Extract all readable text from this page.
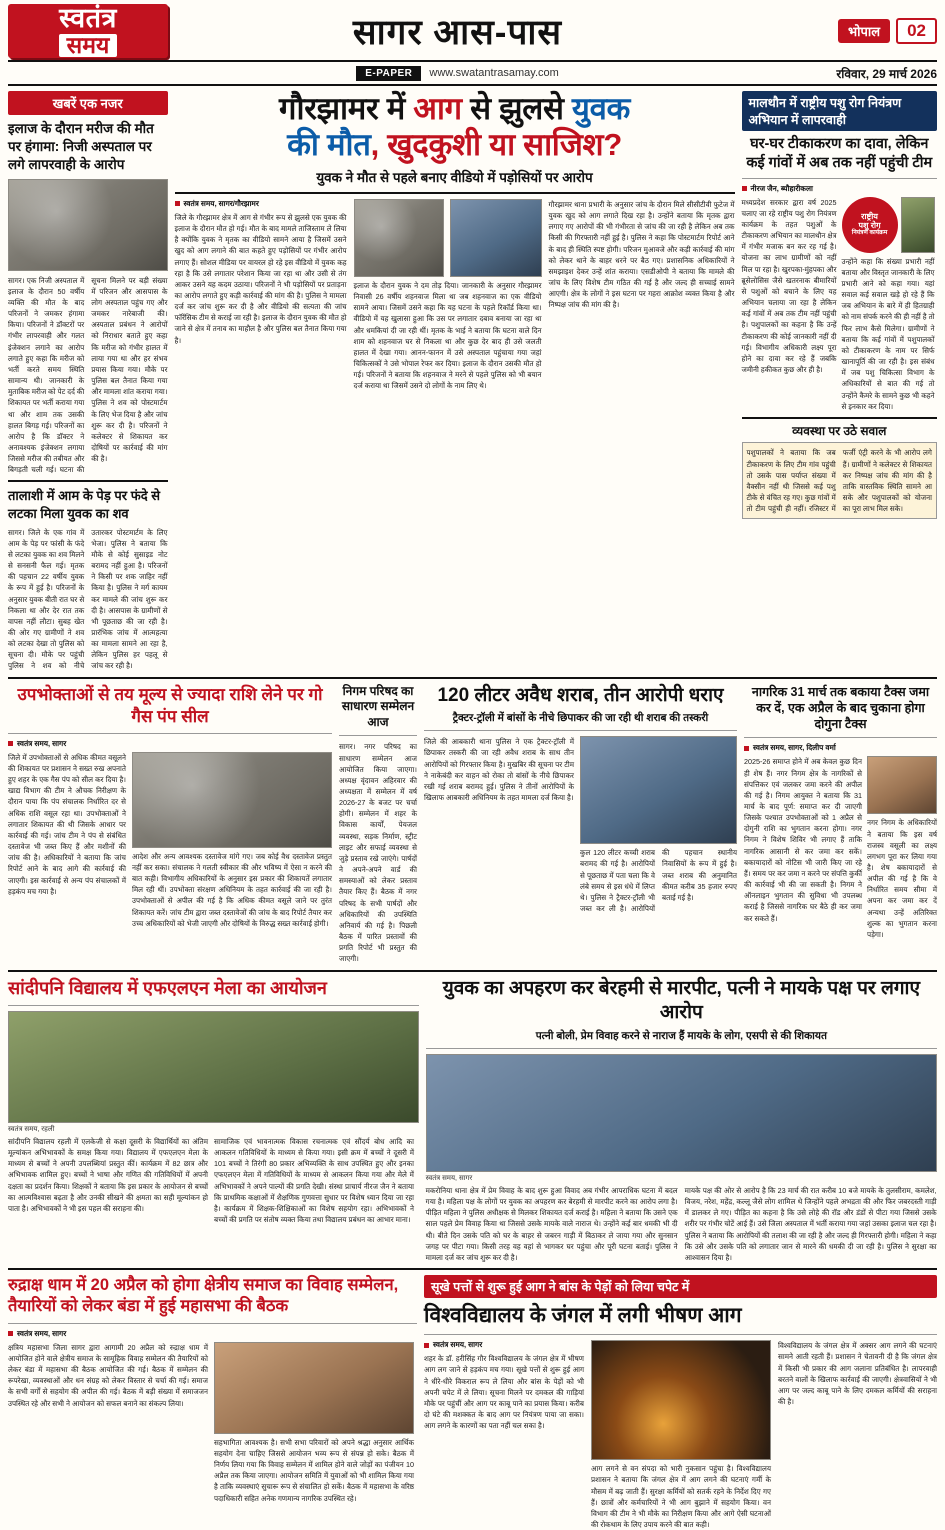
स्वतंत्र
समय	सागर आस-पास	भोपाल	02
E-PAPER	www.swatantrasamay.com	रविवार, 29 मार्च 2026
खबरें एक नजर
इलाज के दौरान मरीज की मौत पर हंगामा: निजी अस्पताल पर लगे लापरवाही के आरोप
सागर। एक निजी अस्पताल में इलाज के दौरान 50 वर्षीय व्यक्ति की मौत के बाद परिजनों ने जमकर हंगामा किया। परिजनों ने डॉक्टरों पर गंभीर लापरवाही और गलत इंजेक्शन लगाने का आरोप लगाते हुए कहा कि मरीज को भर्ती करते समय स्थिति सामान्य थी। जानकारी के मुताबिक मरीज को पेट दर्द की शिकायत पर भर्ती कराया गया था और शाम तक उसकी हालत बिगड़ गई। परिजनों का आरोप है कि डॉक्टर ने अनावश्यक इंजेक्शन लगाया जिससे मरीज की तबीयत और बिगड़ती चली गई। घटना की सूचना मिलने पर बड़ी संख्या में परिजन और आसपास के लोग अस्पताल पहुंच गए और जमकर नारेबाजी की। अस्पताल प्रबंधन ने आरोपों को निराधार बताते हुए कहा कि मरीज को गंभीर हालत में लाया गया था और हर संभव प्रयास किया गया। मौके पर पुलिस बल तैनात किया गया और मामला शांत कराया गया। पुलिस ने शव को पोस्टमार्टम के लिए भेज दिया है और जांच शुरू कर दी है। परिजनों ने कलेक्टर से शिकायत कर दोषियों पर कार्रवाई की मांग की है।
तालाशी में आम के पेड़ पर फंदे से लटका मिला युवक का शव
सागर। जिले के एक गांव में आम के पेड़ पर फांसी के फंदे से लटका युवक का शव मिलने से सनसनी फैल गई। मृतक की पहचान 22 वर्षीय युवक के रूप में हुई है। परिजनों के अनुसार युवक बीती रात घर से निकला था और देर रात तक वापस नहीं लौटा। सुबह खेत की ओर गए ग्रामीणों ने शव को लटका देखा तो पुलिस को सूचना दी। मौके पर पहुंची पुलिस ने शव को नीचे उतारकर पोस्टमार्टम के लिए भेजा। पुलिस ने बताया कि मौके से कोई सुसाइड नोट बरामद नहीं हुआ है। परिजनों ने किसी पर शक जाहिर नहीं किया है। पुलिस ने मर्ग कायम कर मामले की जांच शुरू कर दी है। आसपास के ग्रामीणों से भी पूछताछ की जा रही है। प्रारंभिक जांच में आत्महत्या का मामला सामने आ रहा है, लेकिन पुलिस हर पहलू से जांच कर रही है।
गौरझामर में आग से झुलसे युवक
की मौत, खुदकुशी या साजिश?
युवक ने मौत से पहले बनाए वीडियो में पड़ोसियों पर आरोप
स्वतंत्र समय, सागर/गौरझामर
जिले के गौरझामर क्षेत्र में आग से गंभीर रूप से झुलसे एक युवक की इलाज के दौरान मौत हो गई। मौत के बाद मामले ताजिस्ताम ले लिया है क्योंकि युवक ने मृतक का वीडियो सामने आया है जिसमें उसने खुद को आग लगाने की बात कहते हुए पड़ोसियों पर गंभीर आरोप लगाए हैं। सोशल मीडिया पर वायरल हो रहे इस वीडियो में युवक कह रहा है कि उसे लगातार परेशान किया जा रहा था और उसी से तंग आकर उसने यह कदम उठाया। परिजनों ने भी पड़ोसियों पर प्रताड़ना का आरोप लगाते हुए कड़ी कार्रवाई की मांग की है। पुलिस ने मामला दर्ज कर जांच शुरू कर दी है और वीडियो की सत्यता की जांच फॉरेंसिक टीम से कराई जा रही है। इलाज के दौरान युवक की मौत हो जाने से क्षेत्र में तनाव का माहौल है और पुलिस बल तैनात किया गया है।
इलाज के दौरान युवक ने दम तोड़ दिया। जानकारी के अनुसार गौरझामर निवासी 26 वर्षीय शहनवाज मिला था जब शहनवाज का एक वीडियो सामने आया। जिसमें उसने कहा कि यह घटना के पहले रिकॉर्ड किया था। वीडियो में यह खुलासा हुआ कि उस पर लगातार दबाव बनाया जा रहा था और धमकियां दी जा रही थीं। मृतक के भाई ने बताया कि घटना वाले दिन शाम को शहनवाज घर से निकला था और कुछ देर बाद ही उसे जलती हालत में देखा गया। आनन-फानन में उसे अस्पताल पहुंचाया गया जहां चिकित्सकों ने उसे भोपाल रेफर कर दिया। इलाज के दौरान उसकी मौत हो गई। परिजनों ने बताया कि शहनवाज ने मरने से पहले पुलिस को भी बयान दर्ज कराया था जिसमें उसने दो लोगों के नाम लिए थे।
गौरझामर थाना प्रभारी के अनुसार जांच के दौरान मिले सीसीटीवी फुटेज में युवक खुद को आग लगाते दिख रहा है। उन्होंने बताया कि मृतक द्वारा लगाए गए आरोपों की भी गंभीरता से जांच की जा रही है लेकिन अब तक किसी की गिरफ्तारी नहीं हुई है। पुलिस ने कहा कि पोस्टमार्टम रिपोर्ट आने के बाद ही स्थिति स्पष्ट होगी। परिजन मुआवजे और कड़ी कार्रवाई की मांग को लेकर थाने के बाहर धरने पर बैठ गए। प्रशासनिक अधिकारियों ने समझाइश देकर उन्हें शांत कराया। एसडीओपी ने बताया कि मामले की जांच के लिए विशेष टीम गठित की गई है और जल्द ही सच्चाई सामने आएगी। क्षेत्र के लोगों ने इस घटना पर गहरा आक्रोश व्यक्त किया है और निष्पक्ष जांच की मांग की है।
मालथौन में राष्ट्रीय पशु रोग नियंत्रण अभियान में लापरवाही
घर-घर टीकाकरण का दावा, लेकिन कई गांवों में अब तक नहीं पहुंची टीम
नीरज जैन, ब्यौहारीकला
मध्यप्रदेश सरकार द्वारा वर्ष 2025 चलाए जा रहे राष्ट्रीय पशु रोग नियंत्रण कार्यक्रम के तहत पशुओं के टीकाकरण अभियान का मालथौन क्षेत्र में गंभीर मजाक बन कर रह गई है। योजना का लाभ ग्रामीणों को नहीं मिल पा रहा है। खुरपका-मुंहपका और ब्रूसेलोसिस जैसे खतरनाक बीमारियों से पशुओं को बचाने के लिए यह अभियान चलाया जा रहा है लेकिन कई गांवों में अब तक टीम नहीं पहुंची है। पशुपालकों का कहना है कि उन्हें टीकाकरण की कोई जानकारी नहीं दी गई। विभागीय अधिकारी लक्ष्य पूरा होने का दावा कर रहे हैं जबकि जमीनी हकीकत कुछ और ही है।
राष्ट्रीय
पशु रोग
नियंत्रण कार्यक्रम
उन्होंने कहा कि संख्या प्रभारी नहीं बताया और विस्तृत जानकारी के लिए प्रभारी आने को कहा गया। यहां सवाल कई सवाल खड़े हो रहे हैं कि जब अभियान के बारे में ही हितग्राही को नाम संपर्क करने की ही नहीं है तो फिर लाभ कैसे मिलेगा। ग्रामीणों ने बताया कि कई गांवों में पशुपालकों को टीकाकरण के नाम पर सिर्फ खानापूर्ति की जा रही है। इस संबंध में जब पशु चिकित्सा विभाग के अधिकारियों से बात की गई तो उन्होंने कैमरे के सामने कुछ भी कहने से इनकार कर दिया।
व्यवस्था पर उठे सवाल
पशुपालकों ने बताया कि जब टीकाकरण के लिए टीम गांव पहुंची तो उसके पास पर्याप्त संख्या में वैक्सीन नहीं थी जिससे कई पशु टीके से वंचित रह गए। कुछ गांवों में तो टीम पहुंची ही नहीं। रजिस्टर में फर्जी एंट्री करने के भी आरोप लगे हैं। ग्रामीणों ने कलेक्टर से शिकायत कर निष्पक्ष जांच की मांग की है ताकि वास्तविक स्थिति सामने आ सके और पशुपालकों को योजना का पूरा लाभ मिल सके।
उपभोक्ताओं से तय मूल्य से ज्यादा राशि लेने पर गो गैस पंप सील
स्वतंत्र समय, सागर
जिले में उपभोक्ताओं से अधिक कीमत वसूलने की शिकायत पर प्रशासन ने सख्त रुख अपनाते हुए शहर के एक गैस पंप को सील कर दिया है। खाद्य विभाग की टीम ने औचक निरीक्षण के दौरान पाया कि पंप संचालक निर्धारित दर से अधिक राशि वसूल रहा था। उपभोक्ताओं ने लगातार शिकायत की थी जिसके आधार पर कार्रवाई की गई। जांच टीम ने पंप से संबंधित दस्तावेज भी जब्त किए हैं और मशीनों की जांच की है। अधिकारियों ने बताया कि जांच रिपोर्ट आने के बाद आगे की कार्रवाई की जाएगी। इस कार्रवाई से अन्य पंप संचालकों में हड़कंप मच गया है।
आदेश और अन्य आवश्यक दस्तावेज मांगे गए। जब कोई वैध दस्तावेज प्रस्तुत नहीं कर सका। संचालक ने गलती स्वीकार की और भविष्य में ऐसा न करने की बात कही। विभागीय अधिकारियों के अनुसार इस प्रकार की शिकायतें लगातार मिल रही थीं। उपभोक्ता संरक्षण अधिनियम के तहत कार्रवाई की जा रही है। उपभोक्ताओं से अपील की गई है कि अधिक कीमत वसूले जाने पर तुरंत शिकायत करें। जांच टीम द्वारा जब्त दस्तावेजों की जांच के बाद रिपोर्ट तैयार कर उच्च अधिकारियों को भेजी जाएगी और दोषियों के विरुद्ध सख्त कार्रवाई होगी।
निगम परिषद का साधारण सम्मेलन आज
सागर। नगर परिषद का साधारण सम्मेलन आज आयोजित किया जाएगा। अध्यक्ष वृंदावन अहिरवार की अध्यक्षता में सम्मेलन में वर्ष 2026-27 के बजट पर चर्चा होगी। सम्मेलन में शहर के विकास कार्यों, पेयजल व्यवस्था, सड़क निर्माण, स्ट्रीट लाइट और सफाई व्यवस्था से जुड़े प्रस्ताव रखे जाएंगे। पार्षदों ने अपने-अपने वार्ड की समस्याओं को लेकर प्रस्ताव तैयार किए हैं। बैठक में नगर परिषद के सभी पार्षदों और अधिकारियों की उपस्थिति अनिवार्य की गई है। पिछली बैठक में पारित प्रस्तावों की प्रगति रिपोर्ट भी प्रस्तुत की जाएगी।
120 लीटर अवैध शराब, तीन आरोपी धराए
ट्रैक्टर-ट्रॉली में बांसों के नीचे छिपाकर की जा रही थी शराब की तस्करी
जिले की आबकारी थाना पुलिस ने एक ट्रैक्टर-ट्रॉली में छिपाकर तस्करी की जा रही अवैध शराब के साथ तीन आरोपियों को गिरफ्तार किया है। मुखबिर की सूचना पर टीम ने नाकेबंदी कर वाहन को रोका तो बांसों के नीचे छिपाकर रखी गई शराब बरामद हुई। पुलिस ने तीनों आरोपियों के खिलाफ आबकारी अधिनियम के तहत मामला दर्ज किया है।
कुल 120 लीटर कच्ची शराब बरामद की गई है। आरोपियों से पूछताछ में पता चला कि वे लंबे समय से इस धंधे में लिप्त थे। पुलिस ने ट्रैक्टर-ट्रॉली भी जब्त कर ली है। आरोपियों की पहचान स्थानीय निवासियों के रूप में हुई है। जब्त शराब की अनुमानित कीमत करीब 35 हजार रुपए बताई गई है।
नागरिक 31 मार्च तक बकाया टैक्स जमा कर दें, एक अप्रैल के बाद चुकाना होगा दोगुना टैक्स
स्वतंत्र समय, सागर, दिलीप वर्मा
2025-26 समाप्त होने में अब केवल कुछ दिन ही शेष हैं। नगर निगम क्षेत्र के नागरिकों से संपत्तिकर एवं जलकर जमा करने की अपील की गई है। निगम आयुक्त ने बताया कि 31 मार्च के बाद पूर्ण: समाप्त कर दी जाएगी जिसके पश्चात उपभोक्ताओं को 1 अप्रैल से दोगुनी राशि का भुगतान करना होगा। नगर निगम ने विशेष शिविर भी लगाए हैं ताकि नागरिक आसानी से कर जमा कर सकें। बकायादारों को नोटिस भी जारी किए जा रहे हैं। समय पर कर जमा न करने पर संपत्ति कुर्की की कार्रवाई भी की जा सकती है। निगम ने ऑनलाइन भुगतान की सुविधा भी उपलब्ध कराई है जिससे नागरिक घर बैठे ही कर जमा कर सकते हैं।
नगर निगम के अधिकारियों ने बताया कि इस वर्ष राजस्व वसूली का लक्ष्य लगभग पूरा कर लिया गया है। शेष बकायादारों से अपील की गई है कि वे निर्धारित समय सीमा में अपना कर जमा कर दें अन्यथा उन्हें अतिरिक्त शुल्क का भुगतान करना पड़ेगा।
सांदीपनि विद्यालय में एफएलएन मेला का आयोजन
स्वतंत्र समय, रहली
सांदीपनि विद्यालय रहली में एलकेजी से कक्षा दूसरी के विद्यार्थियों का अंतिम मूल्यांकन अभिभावकों के समक्ष किया गया। विद्यालय में एफएलएन मेला के माध्यम से बच्चों ने अपनी उपलब्धियां प्रस्तुत कीं। कार्यक्रम में 82 छात्र और अभिभावक शामिल हुए। बच्चों ने भाषा और गणित की गतिविधियों में अपनी दक्षता का प्रदर्शन किया। शिक्षकों ने बताया कि इस प्रकार के आयोजन से बच्चों का आत्मविश्वास बढ़ता है और उनकी सीखने की क्षमता का सही मूल्यांकन हो पाता है। अभिभावकों ने भी इस पहल की सराहना की।
सामाजिक एवं भावनात्मक विकास रचनात्मक एवं सौंदर्य बोध आदि का आकलन गतिविधियों के माध्यम से किया गया। इसी क्रम में बच्चों ने दूसरी में 101 बच्चों ने तिरंगी 80 प्रकार अभिव्यक्ति के साथ उपस्थित हुए और इनका एफएलएन मेला में गतिविधियों के माध्यम से आकलन किया गया और मेले में अभिभावकों ने अपने पाल्यों की प्रगति देखी। संस्था प्राचार्य नीरज जैन ने बताया कि प्राथमिक कक्षाओं में शैक्षणिक गुणवत्ता सुधार पर विशेष ध्यान दिया जा रहा है। कार्यक्रम में शिक्षक-शिक्षिकाओं का विशेष सहयोग रहा। अभिभावकों ने बच्चों की प्रगति पर संतोष व्यक्त किया तथा विद्यालय प्रबंधन का आभार माना।
युवक का अपहरण कर बेरहमी से मारपीट, पत्नी ने मायके पक्ष पर लगाए आरोप
पत्नी बोली, प्रेम विवाह करने से नाराज हैं मायके के लोग, एसपी से की शिकायत
स्वतंत्र समय, सागर
मकरोनिया थाना क्षेत्र में प्रेम विवाह के बाद शुरू हुआ विवाद अब गंभीर आपराधिक घटना में बदल गया है। महिला पक्ष के लोगों पर युवक का अपहरण कर बेरहमी से मारपीट करने का आरोप लगा है। पीड़ित महिला ने पुलिस अधीक्षक से मिलकर शिकायत दर्ज कराई है। महिला ने बताया कि उसने एक साल पहले प्रेम विवाह किया था जिससे उसके मायके वाले नाराज थे। उन्होंने कई बार धमकी भी दी थी। बीते दिन उसके पति को घर के बाहर से जबरन गाड़ी में बिठाकर ले जाया गया और सुनसान जगह पर पीटा गया। किसी तरह वह वहां से भागकर घर पहुंचा और पूरी घटना बताई। पुलिस ने मामला दर्ज कर जांच शुरू कर दी है।
मायके पक्ष की ओर से आरोप है कि 23 मार्च की रात करीब 10 बजे मायके के तुलसीराम, कमलेश, विजय, नरेश, महेंद्र, कल्लू जैसे लोग शामिल थे जिन्होंने पहले अभद्रता की और फिर जबरदस्ती गाड़ी में डालकर ले गए। पीड़ित का कहना है कि उसे लोहे की रॉड और डंडों से पीटा गया जिससे उसके शरीर पर गंभीर चोटें आई हैं। उसे जिला अस्पताल में भर्ती कराया गया जहां उसका इलाज चल रहा है। पुलिस ने बताया कि आरोपियों की तलाश की जा रही है और जल्द ही गिरफ्तारी होगी। महिला ने कहा कि उसे और उसके पति को लगातार जान से मारने की धमकी दी जा रही है। पुलिस ने सुरक्षा का आश्वासन दिया है।
रुद्राक्ष धाम में 20 अप्रैल को होगा क्षेत्रीय समाज का विवाह सम्मेलन, तैयारियों को लेकर बंडा में हुई महासभा की बैठक
स्वतंत्र समय, सागर
क्षत्रिय महासभा जिला सागर द्वारा आगामी 20 अप्रैल को रुद्राक्ष धाम में आयोजित होने वाले क्षेत्रीय समाज के सामूहिक विवाह सम्मेलन की तैयारियों को लेकर बंडा में महासभा की बैठक आयोजित की गई। बैठक में सम्मेलन की रूपरेखा, व्यवस्थाओं और धन संग्रह को लेकर विस्तार से चर्चा की गई। समाज के सभी वर्गों से सहयोग की अपील की गई। बैठक में बड़ी संख्या में समाजजन उपस्थित रहे और सभी ने आयोजन को सफल बनाने का संकल्प लिया।
सहभागिता आवश्यक है। सभी सभा परिवारों को अपने श्रद्धा अनुसार आर्थिक सहयोग देना चाहिए जिससे आयोजन भव्य रूप से संपन्न हो सके। बैठक में निर्णय लिया गया कि विवाह सम्मेलन में शामिल होने वाले जोड़ों का पंजीयन 10 अप्रैल तक किया जाएगा। आयोजन समिति में युवाओं को भी शामिल किया गया है ताकि व्यवस्थाएं सुचारू रूप से संचालित हो सकें। बैठक में महासभा के वरिष्ठ पदाधिकारी सहित अनेक गणमान्य नागरिक उपस्थित रहे।
सूखे पत्तों से शुरू हुई आग ने बांस के पेड़ों को लिया चपेट में
विश्वविद्यालय के जंगल में लगी भीषण आग
स्वतंत्र समय, सागर
शहर के डॉ. हरीसिंह गौर विश्वविद्यालय के जंगल क्षेत्र में भीषण आग लग जाने से हड़कंप मच गया। सूखे पत्तों से शुरू हुई आग ने धीरे-धीरे विकराल रूप ले लिया और बांस के पेड़ों को भी अपनी चपेट में ले लिया। सूचना मिलने पर दमकल की गाड़ियां मौके पर पहुंचीं और आग पर काबू पाने का प्रयास किया। करीब दो घंटे की मशक्कत के बाद आग पर नियंत्रण पाया जा सका। आग लगने के कारणों का पता नहीं चल सका है।
आग लगने से वन संपदा को भारी नुकसान पहुंचा है। विश्वविद्यालय प्रशासन ने बताया कि जंगल क्षेत्र में आग लगने की घटनाएं गर्मी के मौसम में बढ़ जाती हैं। सुरक्षा कर्मियों को सतर्क रहने के निर्देश दिए गए हैं। छात्रों और कर्मचारियों ने भी आग बुझाने में सहयोग किया। वन विभाग की टीम ने भी मौके का निरीक्षण किया और आगे ऐसी घटनाओं की रोकथाम के लिए उपाय करने की बात कही।
विश्वविद्यालय के जंगल क्षेत्र में अक्सर आग लगने की घटनाएं सामने आती रहती हैं। प्रशासन ने चेतावनी दी है कि जंगल क्षेत्र में किसी भी प्रकार की आग जलाना प्रतिबंधित है। लापरवाही बरतने वालों के खिलाफ कार्रवाई की जाएगी। क्षेत्रवासियों ने भी आग पर जल्द काबू पाने के लिए दमकल कर्मियों की सराहना की है।
